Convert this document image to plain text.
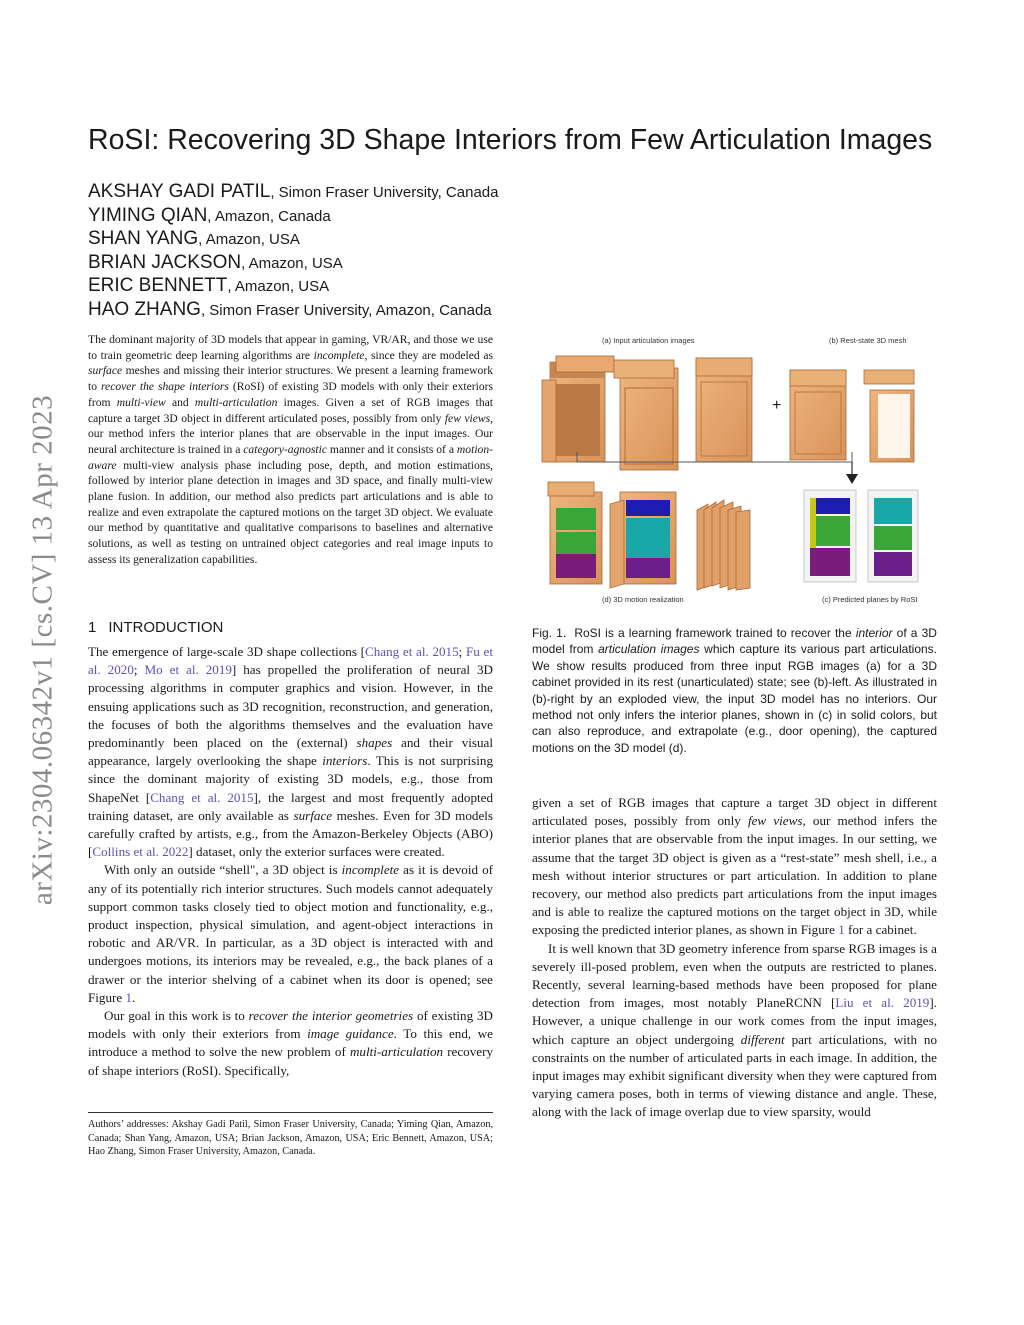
arXiv:2304.06342v1 [cs.CV] 13 Apr 2023
RoSI: Recovering 3D Shape Interiors from Few Articulation Images
AKSHAY GADI PATIL, Simon Fraser University, Canada
YIMING QIAN, Amazon, Canada
SHAN YANG, Amazon, USA
BRIAN JACKSON, Amazon, USA
ERIC BENNETT, Amazon, USA
HAO ZHANG, Simon Fraser University, Amazon, Canada

The dominant majority of 3D models that appear in gaming, VR/AR, and those we use to train geometric deep learning algorithms are incomplete, since they are modeled as surface meshes and missing their interior structures. We present a learning framework to recover the shape interiors (RoSI) of existing 3D models with only their exteriors from multi-view and multi-articulation images. Given a set of RGB images that capture a target 3D object in different articulated poses, possibly from only few views, our method infers the interior planes that are observable in the input images. Our neural architecture is trained in a category-agnostic manner and it consists of a motion-aware multi-view analysis phase including pose, depth, and motion estimations, followed by interior plane detection in images and 3D space, and finally multi-view plane fusion. In addition, our method also predicts part articulations and is able to realize and even extrapolate the captured motions on the target 3D object. We evaluate our method by quantitative and qualitative comparisons to baselines and alternative solutions, as well as testing on untrained object categories and real image inputs to assess its generalization capabilities.

1 INTRODUCTION

The emergence of large-scale 3D shape collections [Chang et al. 2015; Fu et al. 2020; Mo et al. 2019] has propelled the proliferation of neural 3D processing algorithms in computer graphics and vision. However, in the ensuing applications such as 3D recognition, reconstruction, and generation, the focuses of both the algorithms themselves and the evaluation have predominantly been placed on the (external) shapes and their visual appearance, largely overlooking the shape interiors. This is not surprising since the dominant majority of existing 3D models, e.g., those from ShapeNet [Chang et al. 2015], the largest and most frequently adopted training dataset, are only available as surface meshes. Even for 3D models carefully crafted by artists, e.g., from the Amazon-Berkeley Objects (ABO) [Collins et al. 2022] dataset, only the exterior surfaces were created.

With only an outside “shell", a 3D object is incomplete as it is devoid of any of its potentially rich interior structures. Such models cannot adequately support common tasks closely tied to object motion and functionality, e.g., product inspection, physical simulation, and agent-object interactions in robotic and AR/VR. In particular, as a 3D object is interacted with and undergoes motions, its interiors may be revealed, e.g., the back planes of a drawer or the interior shelving of a cabinet when its door is opened; see Figure 1.

Our goal in this work is to recover the interior geometries of existing 3D models with only their exteriors from image guidance. To this end, we introduce a method to solve the new problem of multi-articulation recovery of shape interiors (RoSI). Specifically,

Authors’ addresses: Akshay Gadi Patil, Simon Fraser University, Canada; Yiming Qian, Amazon, Canada; Shan Yang, Amazon, USA; Brian Jackson, Amazon, USA; Eric Bennett, Amazon, USA; Hao Zhang, Simon Fraser University, Amazon, Canada.

(a) Input articulation images	(b) Rest-state 3D mesh
+
(d) 3D motion realization	(c) Predicted planes by RoSI

Fig. 1. RoSI is a learning framework trained to recover the interior of a 3D model from articulation images which capture its various part articulations. We show results produced from three input RGB images (a) for a 3D cabinet provided in its rest (unarticulated) state; see (b)-left. As illustrated in (b)-right by an exploded view, the input 3D model has no interiors. Our method not only infers the interior planes, shown in (c) in solid colors, but can also reproduce, and extrapolate (e.g., door opening), the captured motions on the 3D model (d).

given a set of RGB images that capture a target 3D object in different articulated poses, possibly from only few views, our method infers the interior planes that are observable from the input images. In our setting, we assume that the target 3D object is given as a “rest-state” mesh shell, i.e., a mesh without interior structures or part articulation. In addition to plane recovery, our method also predicts part articulations from the input images and is able to realize the captured motions on the target object in 3D, while exposing the predicted interior planes, as shown in Figure 1 for a cabinet.

It is well known that 3D geometry inference from sparse RGB images is a severely ill-posed problem, even when the outputs are restricted to planes. Recently, several learning-based methods have been proposed for plane detection from images, most notably PlaneRCNN [Liu et al. 2019]. However, a unique challenge in our work comes from the input images, which capture an object undergoing different part articulations, with no constraints on the number of articulated parts in each image. In addition, the input images may exhibit significant diversity when they were captured from varying camera poses, both in terms of viewing distance and angle. These, along with the lack of image overlap due to view sparsity, would
